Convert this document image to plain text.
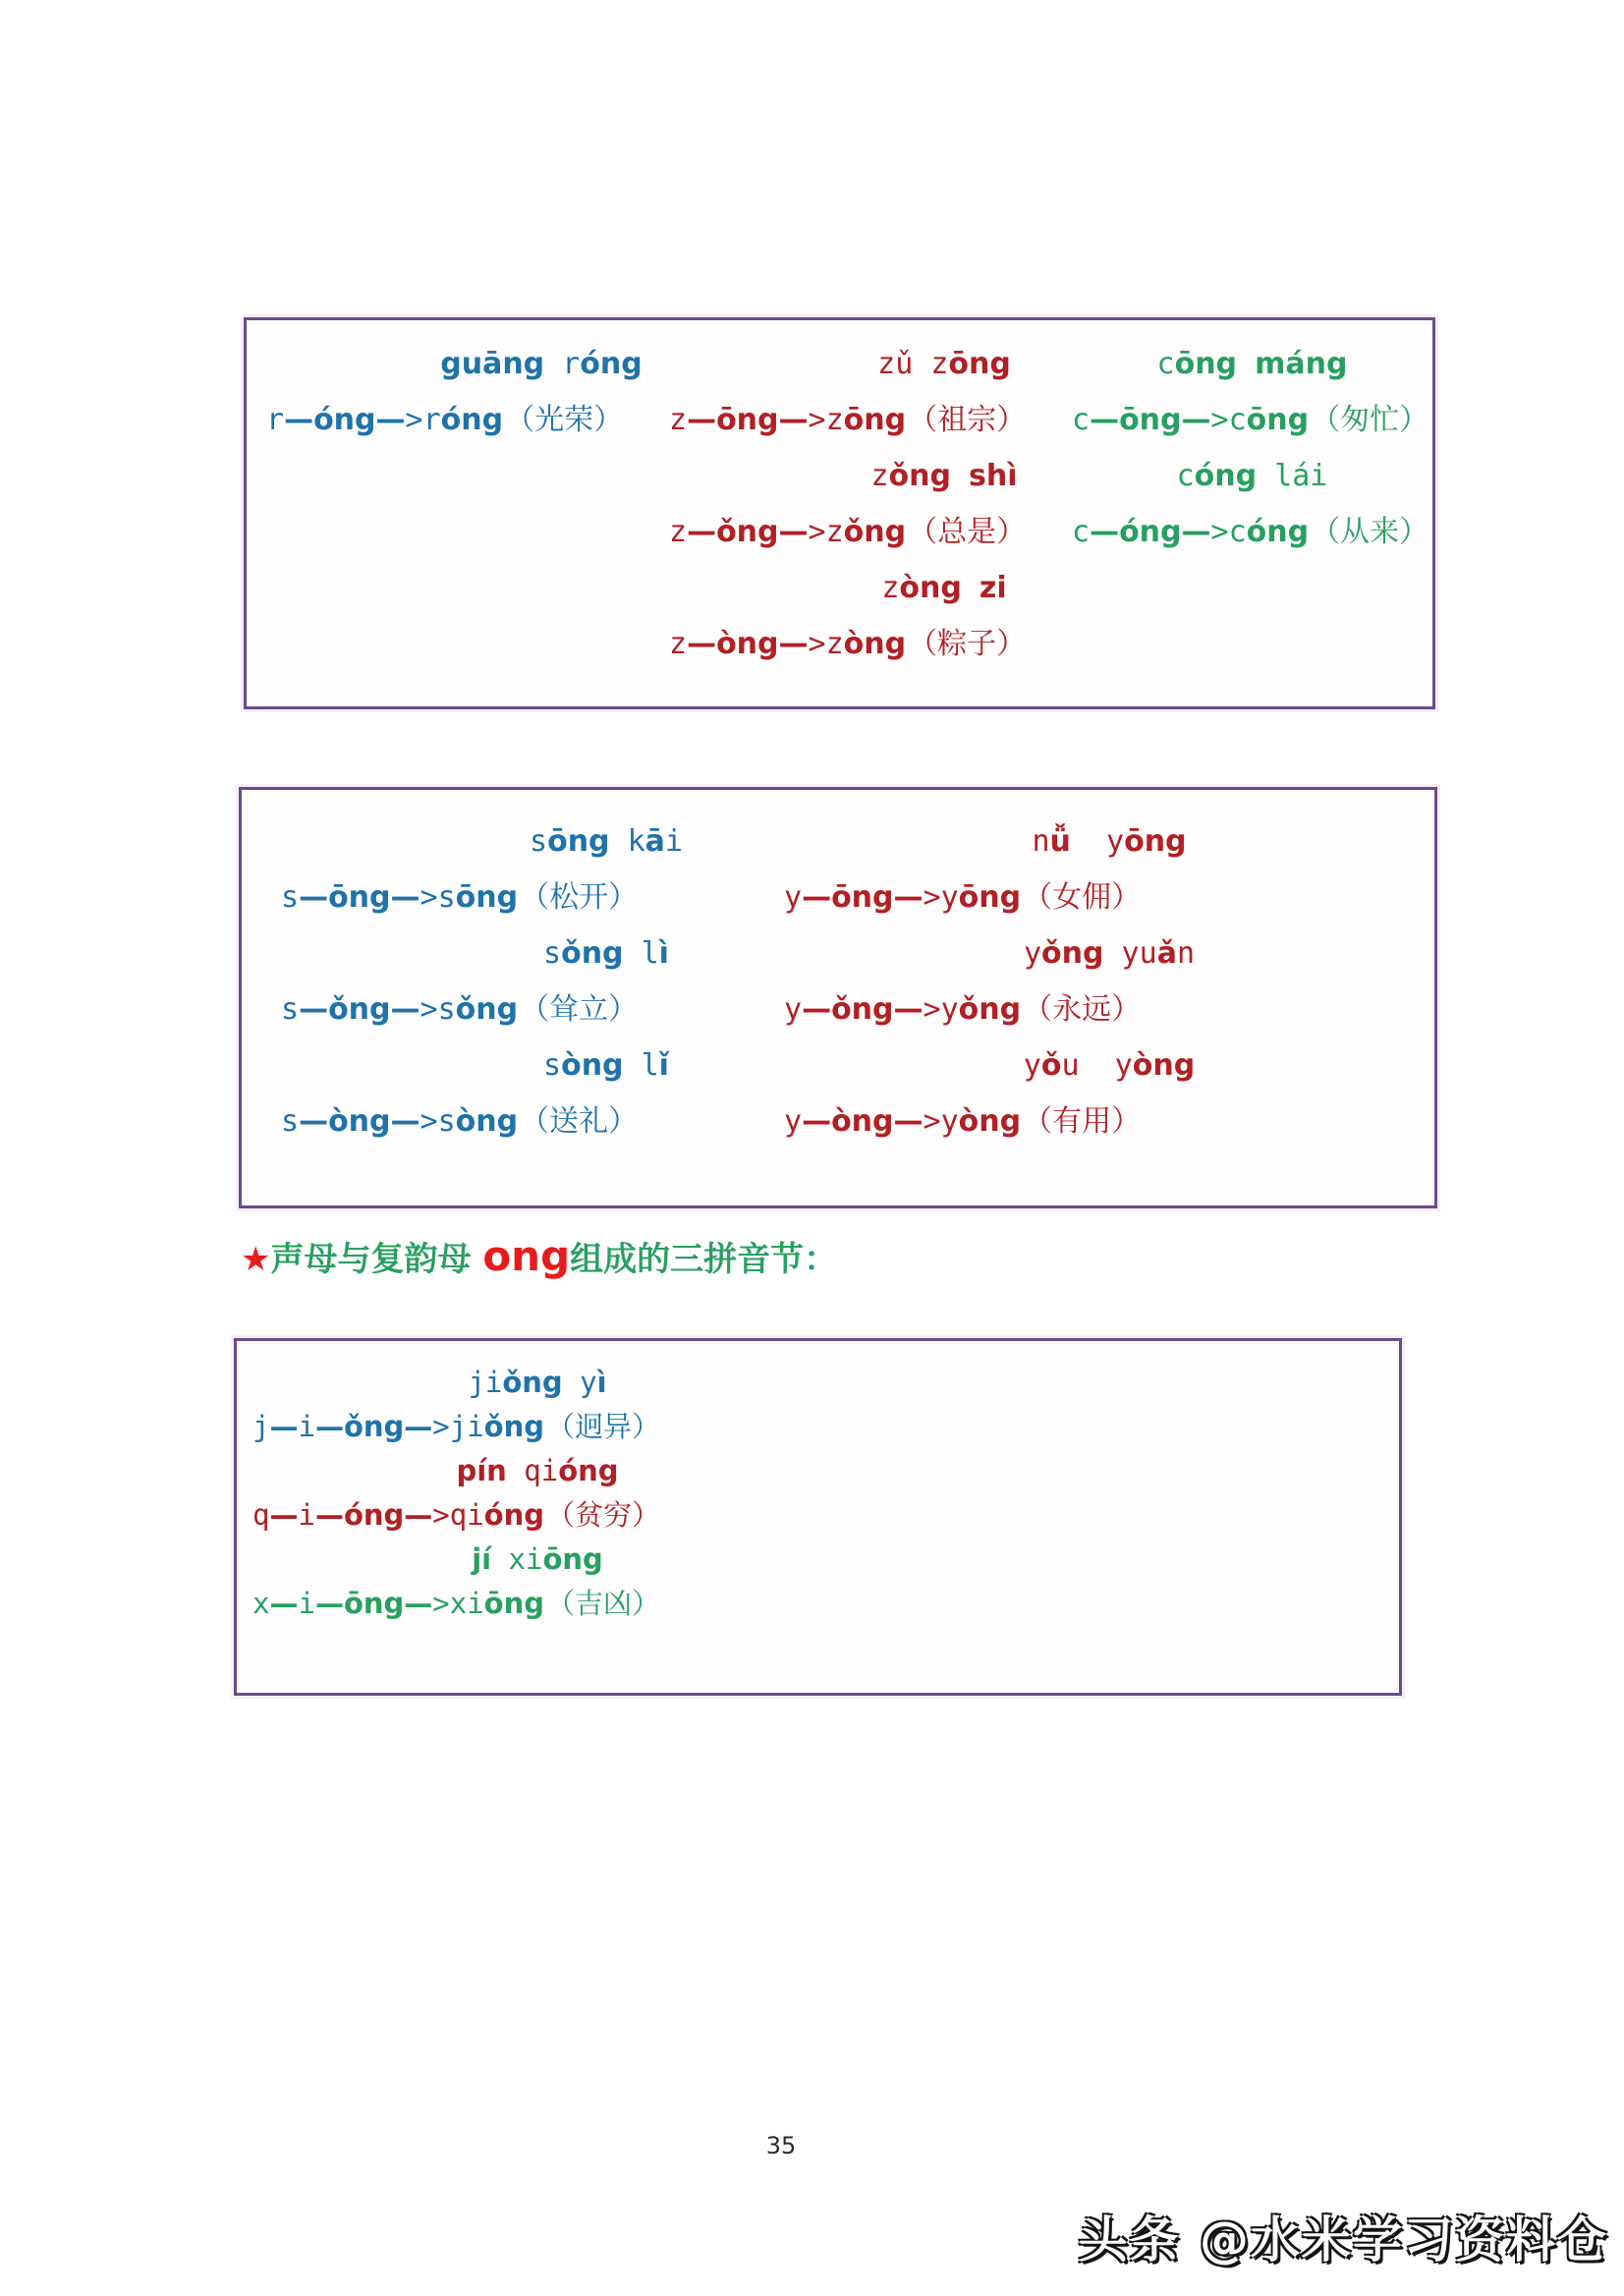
guāng róng
r—óng—>róng（光荣）
zǔ zōng
z—ōng—>zōng（祖宗）
zǒng shì
z—ǒng—>zǒng（总是）
zòng zi
z—òng—>zòng（粽子）
cōng máng
c—ōng—>cōng（匆忙）
cóng lái
c—óng—>cóng（从来）
sōng kāi
s—ōng—>sōng（松开）
sǒng lì
s—ǒng—>sǒng（耸立）
sòng lǐ
s—òng—>sòng（送礼）
nǚ  yōng
y—ōng—>yōng（女佣）
yǒng yuǎn
y—ǒng—>yǒng（永远）
yǒu  yòng
y—òng—>yòng（有用）
★声母与复韵母 ong组成的三拼音节：
jiǒng yì
j—i—ǒng—>jiǒng（迥异）
pín qióng
q—i—óng—>qióng（贫穷）
jí xiōng
x—i—ōng—>xiōng（吉凶）
35
头条 @水米学习资料仓
